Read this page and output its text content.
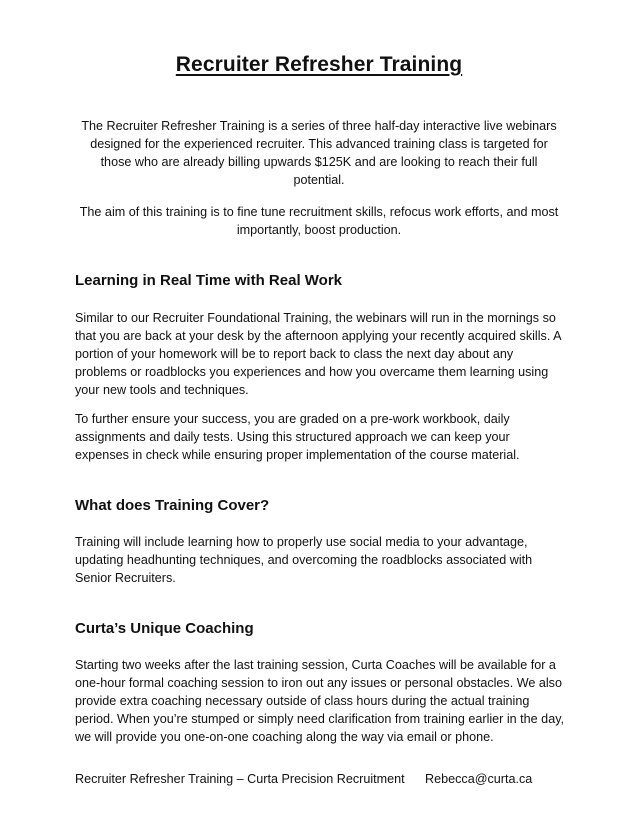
Recruiter Refresher Training

The Recruiter Refresher Training is a series of three half-day interactive live webinars designed for the experienced recruiter. This advanced training class is targeted for those who are already billing upwards $125K and are looking to reach their full potential.

The aim of this training is to fine tune recruitment skills, refocus work efforts, and most importantly, boost production.

Learning in Real Time with Real Work

Similar to our Recruiter Foundational Training, the webinars will run in the mornings so that you are back at your desk by the afternoon applying your recently acquired skills. A portion of your homework will be to report back to class the next day about any problems or roadblocks you experiences and how you overcame them learning using your new tools and techniques.

To further ensure your success, you are graded on a pre-work workbook, daily assignments and daily tests. Using this structured approach we can keep your expenses in check while ensuring proper implementation of the course material.

What does Training Cover?

Training will include learning how to properly use social media to your advantage, updating headhunting techniques, and overcoming the roadblocks associated with Senior Recruiters.

Curta’s Unique Coaching

Starting two weeks after the last training session, Curta Coaches will be available for a one-hour formal coaching session to iron out any issues or personal obstacles. We also provide extra coaching necessary outside of class hours during the actual training period. When you’re stumped or simply need clarification from training earlier in the day, we will provide you one-on-one coaching along the way via email or phone.

Recruiter Refresher Training – Curta Precision Recruitment Rebecca@curta.ca
